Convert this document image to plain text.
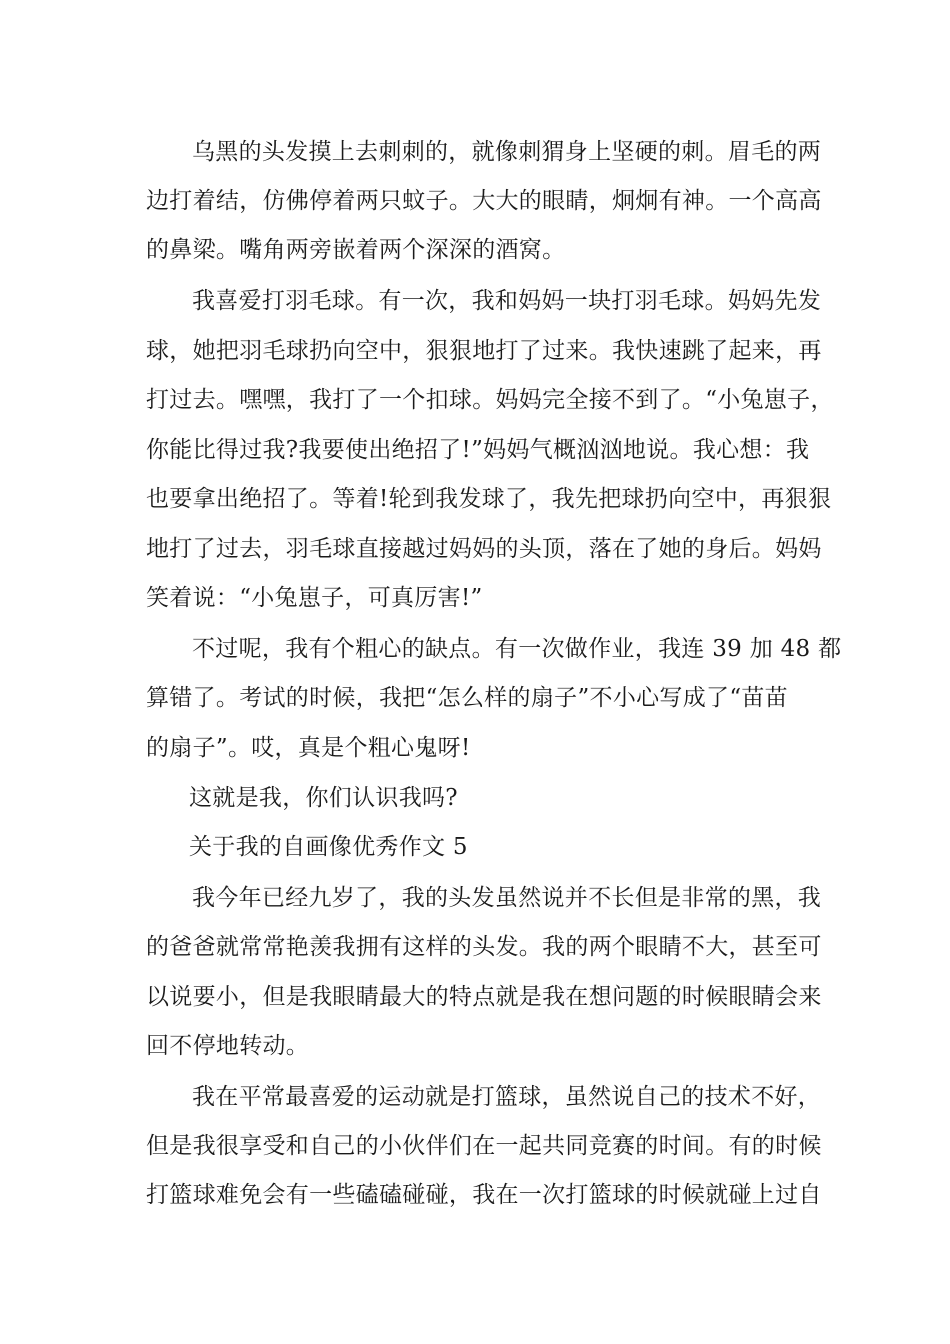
乌黑的头发摸上去刺刺的，就像刺猬身上坚硬的刺。眉毛的两
边打着结，仿佛停着两只蚊子。大大的眼睛，炯炯有神。一个高高
的鼻梁。嘴角两旁嵌着两个深深的酒窝。
我喜爱打羽毛球。有一次，我和妈妈一块打羽毛球。妈妈先发
球，她把羽毛球扔向空中，狠狠地打了过来。我快速跳了起来，再
打过去。嘿嘿，我打了一个扣球。妈妈完全接不到了。“小兔崽子，
你能比得过我?我要使出绝招了!”妈妈气概汹汹地说。我心想：我
也要拿出绝招了。等着!轮到我发球了，我先把球扔向空中，再狠狠
地打了过去，羽毛球直接越过妈妈的头顶，落在了她的身后。妈妈
笑着说：“小兔崽子，可真厉害!”
不过呢，我有个粗心的缺点。有一次做作业，我连 39 加 48 都
算错了。考试的时候，我把“怎么样的扇子”不小心写成了“苗苗
的扇子”。哎，真是个粗心鬼呀!
这就是我，你们认识我吗?
关于我的自画像优秀作文 5
我今年已经九岁了，我的头发虽然说并不长但是非常的黑，我
的爸爸就常常艳羡我拥有这样的头发。我的两个眼睛不大，甚至可
以说要小，但是我眼睛最大的特点就是我在想问题的时候眼睛会来
回不停地转动。
我在平常最喜爱的运动就是打篮球，虽然说自己的技术不好，
但是我很享受和自己的小伙伴们在一起共同竞赛的时间。有的时候
打篮球难免会有一些磕磕碰碰，我在一次打篮球的时候就碰上过自
